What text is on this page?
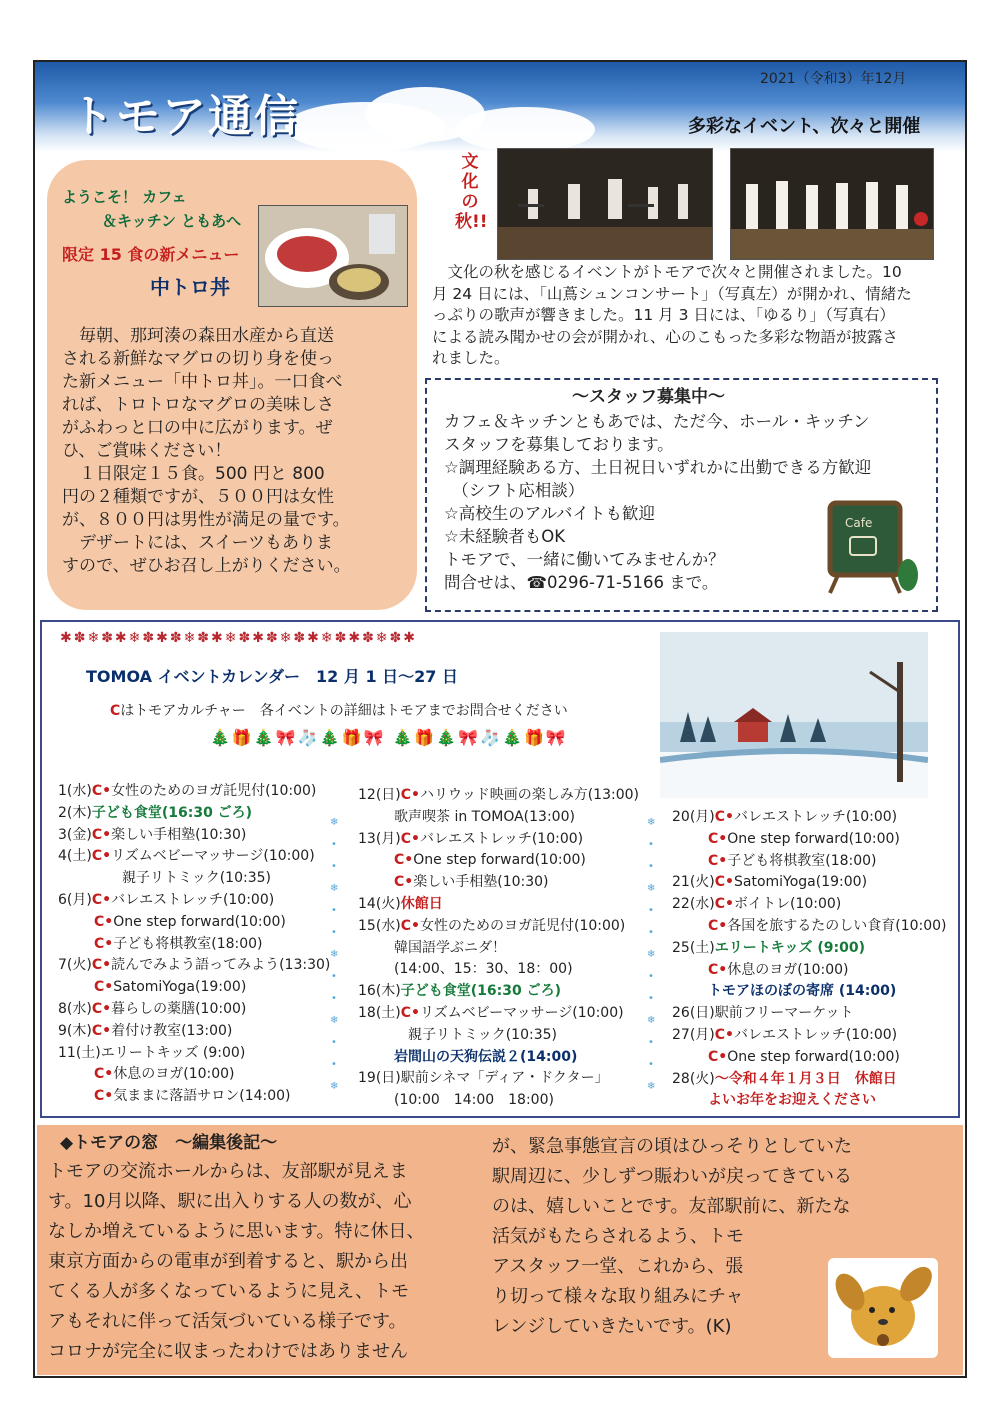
トモア通信
2021（令和3）年12月
多彩なイベント、次々と開催
ようこそ！ カフェ
＆キッチン ともあへ
限定 15 食の新メニュー
中トロ丼
　毎朝、那珂湊の森田水産から直送
される新鮮なマグロの切り身を使っ
た新メニュー「中トロ丼」。一口食べ
れば、トロトロなマグロの美味しさ
がふわっと口の中に広がります。ぜ
ひ、ご賞味ください！
　１日限定１５食。500 円と 800
円の２種類ですが、５００円は女性
が、８００円は男性が満足の量です。
　デザートには、スイーツもありま
すので、ぜひお召し上がりください。
文化の秋!!
　文化の秋を感じるイベントがトモアで次々と開催されました。10
月 24 日には、「山蔦シュンコンサート」（写真左）が開かれ、情緒た
っぷりの歌声が響きました。11 月 3 日には、「ゆるり」（写真右）
による読み聞かせの会が開かれ、心のこもった多彩な物語が披露さ
れました。
～スタッフ募集中～
カフェ＆キッチンともあでは、ただ今、ホール・キッチン
スタッフを募集しております。
☆調理経験ある方、土日祝日いずれかに出勤できる方歓迎
　（シフト応相談）
☆高校生のアルバイトも歓迎
☆未経験者もOK
トモアで、一緒に働いてみませんか？
問合せは、☎0296-71-5166 まで。
Cafe
✱✽❄✽✱❄✽✱✽❄✽✱❄✽✱✽❄✽✱❄✽✱✽❄✽✱
TOMOA イベントカレンダー　12 月 1 日～27 日
Cはトモアカルチャー　各イベントの詳細はトモアまでお問合せください
🎄🎁🎄🎀🧦🎄🎁🎀 🎄🎁🎄🎀🧦🎄🎁🎀
1(水)C•女性のためのヨガ託児付(10:00)
2(木)子ども食堂(16:30 ごろ)
3(金)C•楽しい手相塾(10:30)
4(土)C•リズムベビーマッサージ(10:00)
　　親子リトミック(10:35)
6(月)C•バレエストレッチ(10:00)
C•One step forward(10:00)
C•子ども将棋教室(18:00)
7(火)C•読んでみよう語ってみよう(13:30)
C•SatomiYoga(19:00)
8(水)C•暮らしの薬膳(10:00)
9(木)C•着付け教室(13:00)
11(土)エリートキッズ (9:00)
C•休息のヨガ(10:00)
C•気ままに落語サロン(14:00)
12(日)C•ハリウッド映画の楽しみ方(13:00)
歌声喫茶 in TOMOA(13:00)
13(月)C•バレエストレッチ(10:00)
C•One step forward(10:00)
C•楽しい手相塾(10:30)
14(火)休館日
15(水)C•女性のためのヨガ託児付(10:00)
韓国語学ぶニダ！
(14:00、15：30、18：00)
16(木)子ども食堂(16:30 ごろ)
18(土)C•リズムベビーマッサージ(10:00)
　親子リトミック(10:35)
岩間山の天狗伝説２(14:00)
19(日)駅前シネマ「ディア・ドクター」
(10:00　14:00　18:00)
20(月)C•バレエストレッチ(10:00)
C•One step forward(10:00)
C•子ども将棋教室(18:00)
21(火)C•SatomiYoga(19:00)
22(水)C•ボイトレ(10:00)
C•各国を旅するたのしい食育(10:00)
25(土)エリートキッズ (9:00)
C•休息のヨガ(10:00)
トモアほのぼの寄席 (14:00)
26(日)駅前フリーマーケット
27(月)C•バレエストレッチ(10:00)
C•One step forward(10:00)
28(火)～令和４年１月３日　休館日
よいお年をお迎えください
❄
•
•
❄
•
•
❄
•
•
❄
•
•
❄
❄
•
•
❄
•
•
❄
•
•
❄
•
•
❄
◆トモアの窓　～編集後記～
トモアの交流ホールからは、友部駅が見えま
す。10月以降、駅に出入りする人の数が、心
なしか増えているように思います。特に休日、
東京方面からの電車が到着すると、駅から出
てくる人が多くなっているように見え、トモ
アもそれに伴って活気づいている様子です。
コロナが完全に収まったわけではありません
が、緊急事態宣言の頃はひっそりとしていた
駅周辺に、少しずつ賑わいが戻ってきている
のは、嬉しいことです。友部駅前に、新たな
活気がもたらされるよう、トモ
アスタッフ一堂、これから、張
り切って様々な取り組みにチャ
レンジしていきたいです。(K)
